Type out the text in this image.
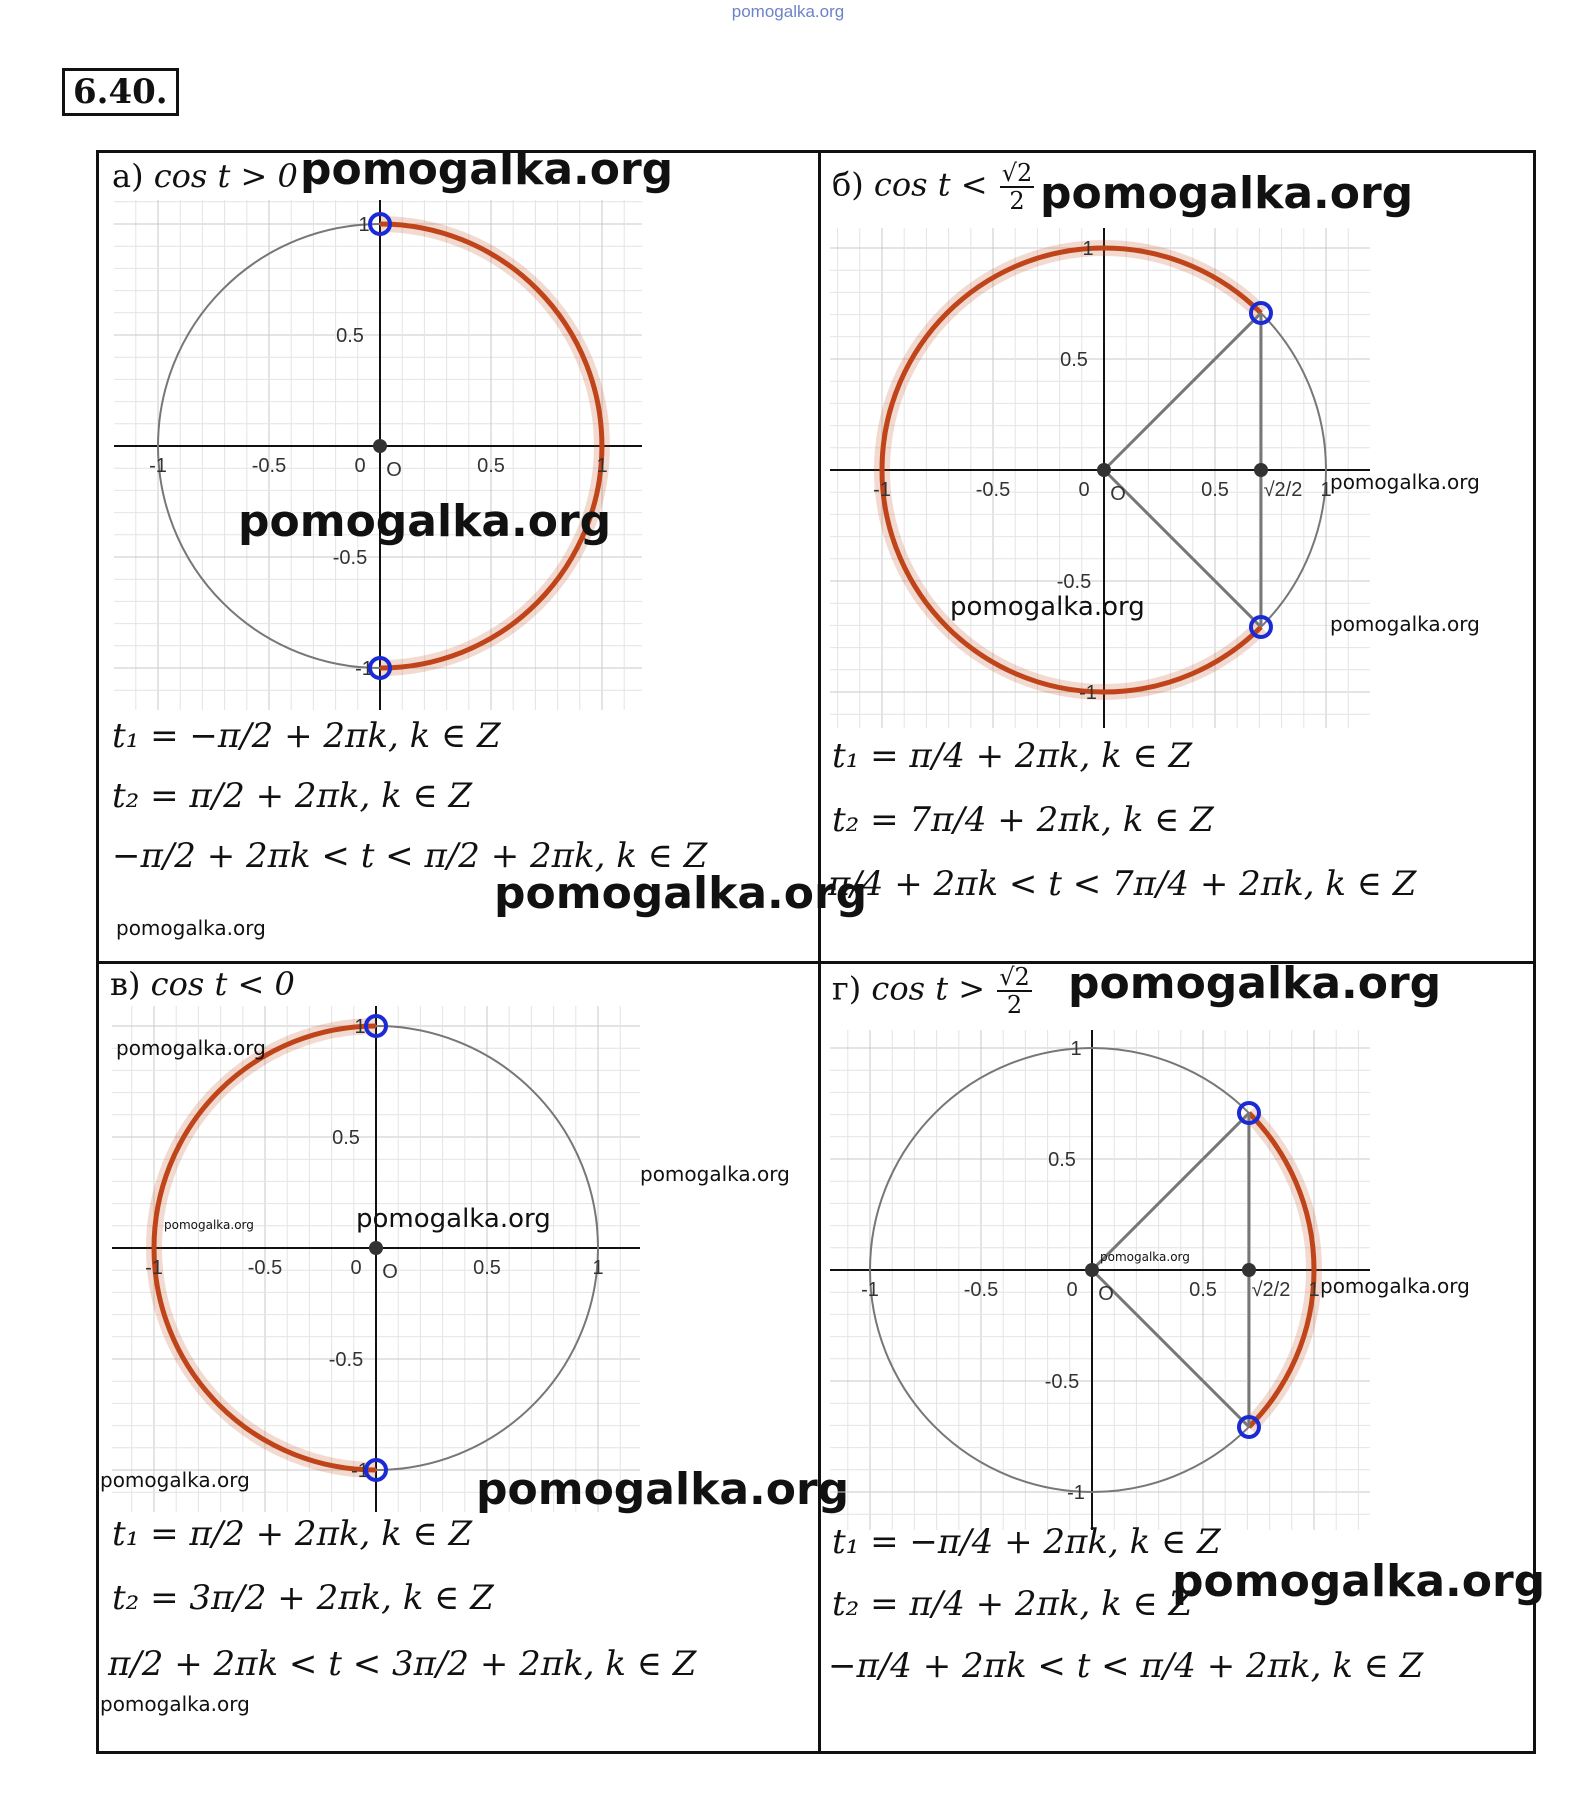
pomogalka.org
6.40.
а) cos t > 0
O
0	0.5
-0.5	1
-1
0.5
-0.5
1
-1
t₁ = −π/2 + 2πk, k ∈ Z
t₂ = π/2 + 2πk, k ∈ Z
−π/2 + 2πk < t < π/2 + 2πk, k ∈ Z
pomogalka.org
pomogalka.org
pomogalka.org
pomogalka.org
б) $\cos t < \frac{√2}{2}$
√2/2
O
0	0.5
-0.5	1
-1
0.5
-0.5
1
-1
t₁ = π/4 + 2πk, k ∈ Z
t₂ = 7π/4 + 2πk, k ∈ Z
π/4 + 2πk < t < 7π/4 + 2πk, k ∈ Z
pomogalka.org
pomogalka.org
pomogalka.org
pomogalka.org
в) cos t < 0
O
0	0.5
-0.5	1
-1
0.5
-0.5
1
-1
t₁ = π/2 + 2πk, k ∈ Z
t₂ = 3π/2 + 2πk, k ∈ Z
π/2 + 2πk < t < 3π/2 + 2πk, k ∈ Z
pomogalka.org
pomogalka.org
pomogalka.org
pomogalka.org
pomogalka.org	pomogalka.org
pomogalka.org
г) $\cos t > \frac{√2}{2}$
√2/2
O
0	0.5
-0.5	1
-1
0.5
-0.5
1
-1
t₁ = −π/4 + 2πk, k ∈ Z
t₂ = π/4 + 2πk, k ∈ Z
−π/4 + 2πk < t < π/4 + 2πk, k ∈ Z
pomogalka.org
pomogalka.org
pomogalka.org
pomogalka.org
